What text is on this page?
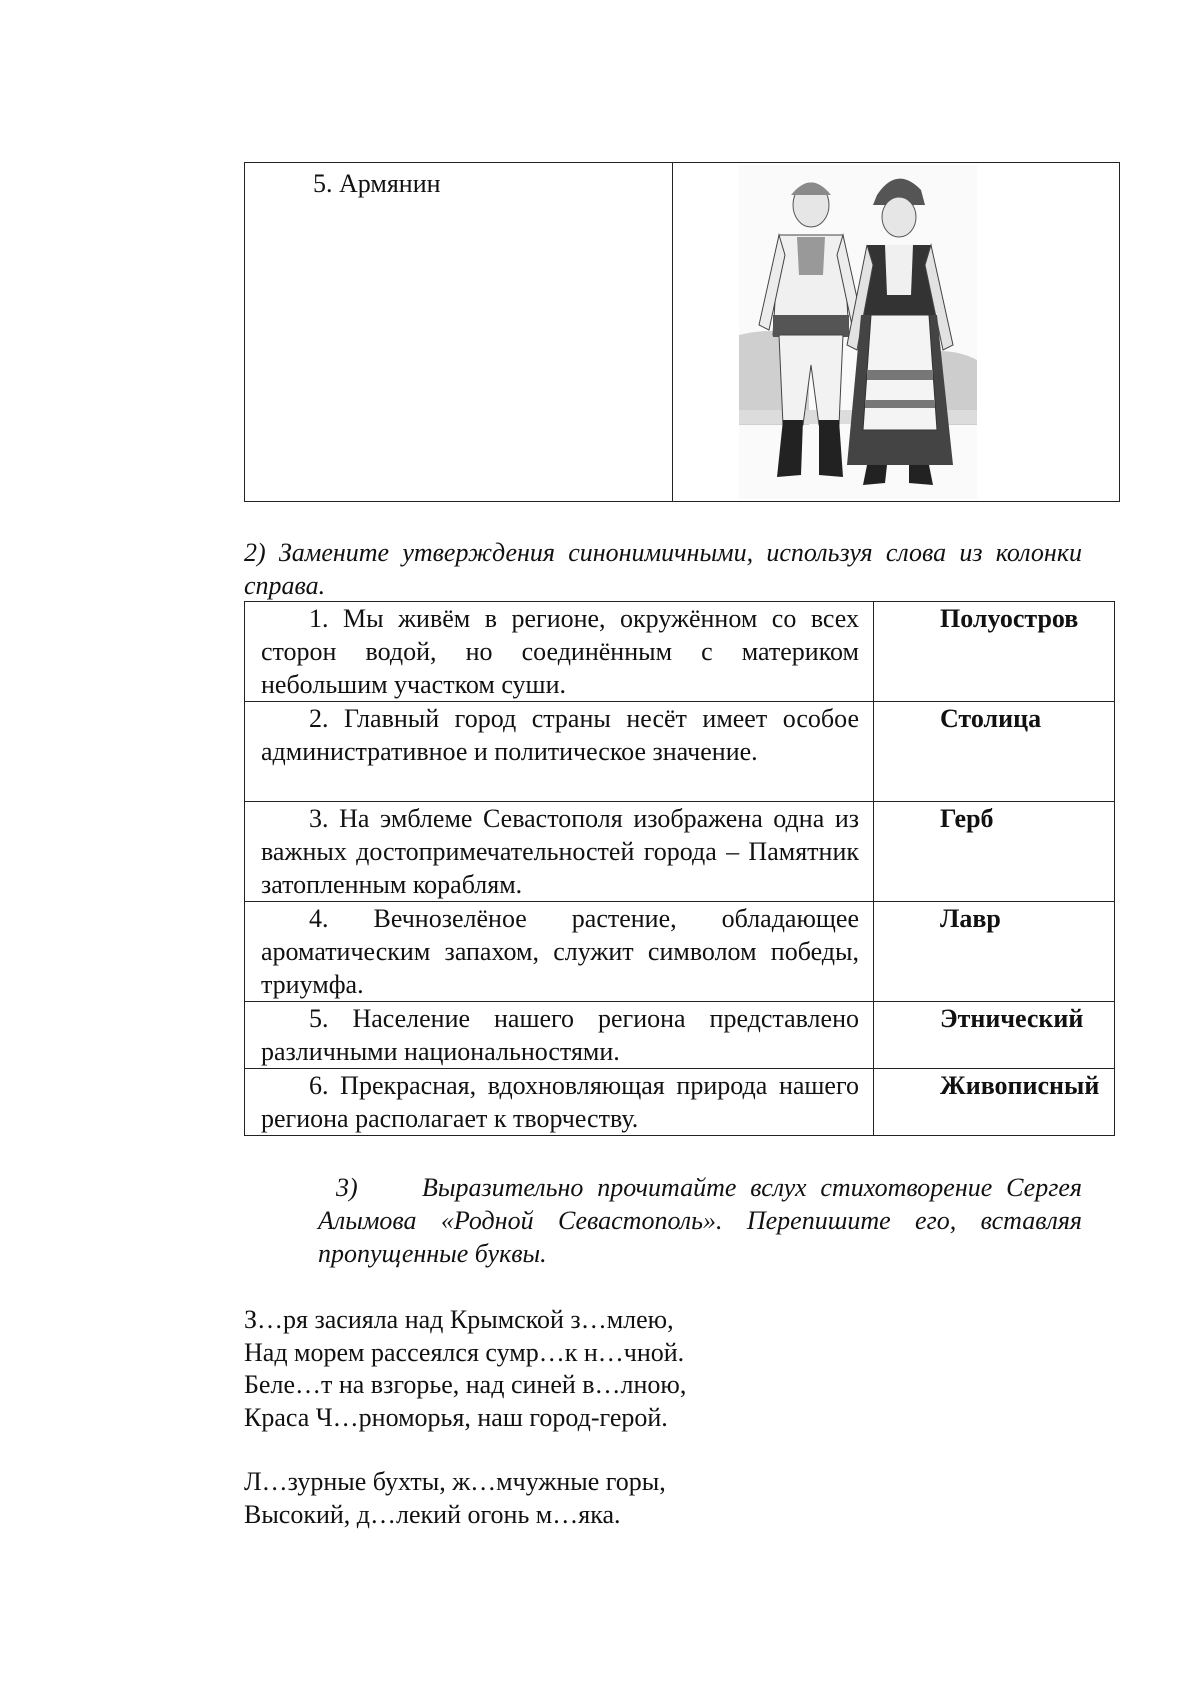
5. Армянин

2) Замените утверждения синонимичными, используя слова из колонки справа.
1. Мы живём в регионе, окружённом со всех сторон водой, но соединённым с материком небольшим участком суши.	Полуостров
2. Главный город страны несёт имеет особое административное и политическое значение.	Столица
3. На эмблеме Севастополя изображена одна из важных достопримечательностей города – Памятник затопленным кораблям.	Герб
4. Вечнозелёное растение, обладающее ароматическим запахом, служит символом победы, триумфа.	Лавр
5. Население нашего региона представлено различными национальностями.	Этнический
6. Прекрасная, вдохновляющая природа нашего региона располагает к творчеству.	Живописный
3) Выразительно прочитайте вслух стихотворение Сергея Алымова «Родной Севастополь». Перепишите его, вставляя пропущенные буквы.
З…ря засияла над Крымской з…млею,
Над морем рассеялся сумр…к н…чной.
Беле…т на взгорье, над синей в…лною,
Краса Ч…рноморья, наш город-герой.
Л…зурные бухты, ж…мчужные горы,
Высокий, д…лекий огонь м…яка.
